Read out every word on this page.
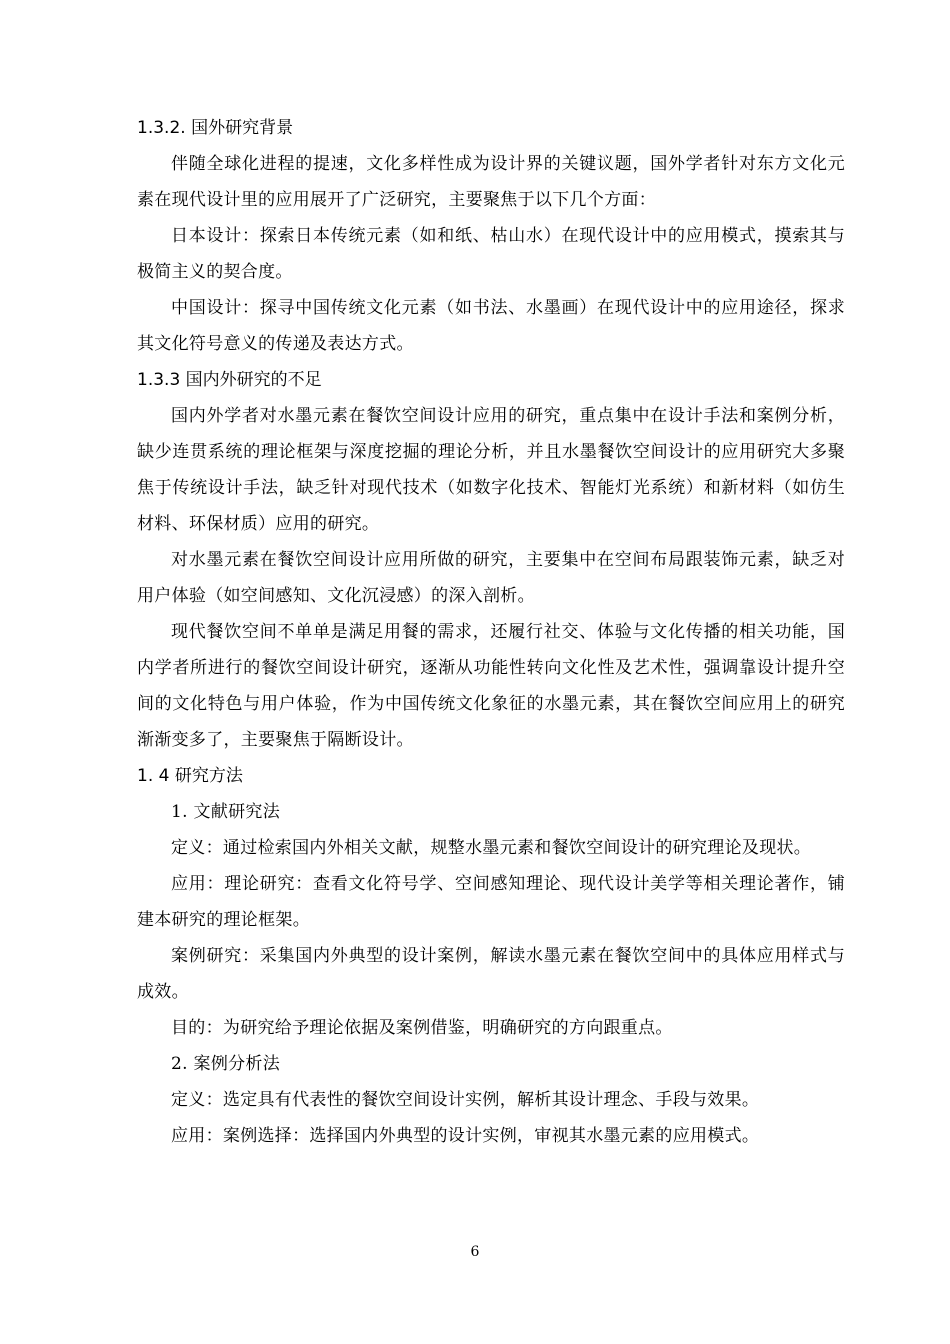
1.3.2. 国外研究背景

伴随全球化进程的提速，文化多样性成为设计界的关键议题，国外学者针对东方文化元素在现代设计里的应用展开了广泛研究，主要聚焦于以下几个方面：

日本设计：探索日本传统元素（如和纸、枯山水）在现代设计中的应用模式，摸索其与极简主义的契合度。

中国设计：探寻中国传统文化元素（如书法、水墨画）在现代设计中的应用途径，探求其文化符号意义的传递及表达方式。

1.3.3 国内外研究的不足

国内外学者对水墨元素在餐饮空间设计应用的研究，重点集中在设计手法和案例分析，缺少连贯系统的理论框架与深度挖掘的理论分析，并且水墨餐饮空间设计的应用研究大多聚焦于传统设计手法，缺乏针对现代技术（如数字化技术、智能灯光系统）和新材料（如仿生材料、环保材质）应用的研究。

对水墨元素在餐饮空间设计应用所做的研究，主要集中在空间布局跟装饰元素，缺乏对用户体验（如空间感知、文化沉浸感）的深入剖析。

现代餐饮空间不单单是满足用餐的需求，还履行社交、体验与文化传播的相关功能，国内学者所进行的餐饮空间设计研究，逐渐从功能性转向文化性及艺术性，强调靠设计提升空间的文化特色与用户体验，作为中国传统文化象征的水墨元素，其在餐饮空间应用上的研究渐渐变多了，主要聚焦于隔断设计。

1. 4 研究方法

1. 文献研究法

定义：通过检索国内外相关文献，规整水墨元素和餐饮空间设计的研究理论及现状。

应用：理论研究：查看文化符号学、空间感知理论、现代设计美学等相关理论著作，铺建本研究的理论框架。

案例研究：采集国内外典型的设计案例，解读水墨元素在餐饮空间中的具体应用样式与成效。

目的：为研究给予理论依据及案例借鉴，明确研究的方向跟重点。

2. 案例分析法

定义：选定具有代表性的餐饮空间设计实例，解析其设计理念、手段与效果。

应用：案例选择：选择国内外典型的设计实例，审视其水墨元素的应用模式。

6
